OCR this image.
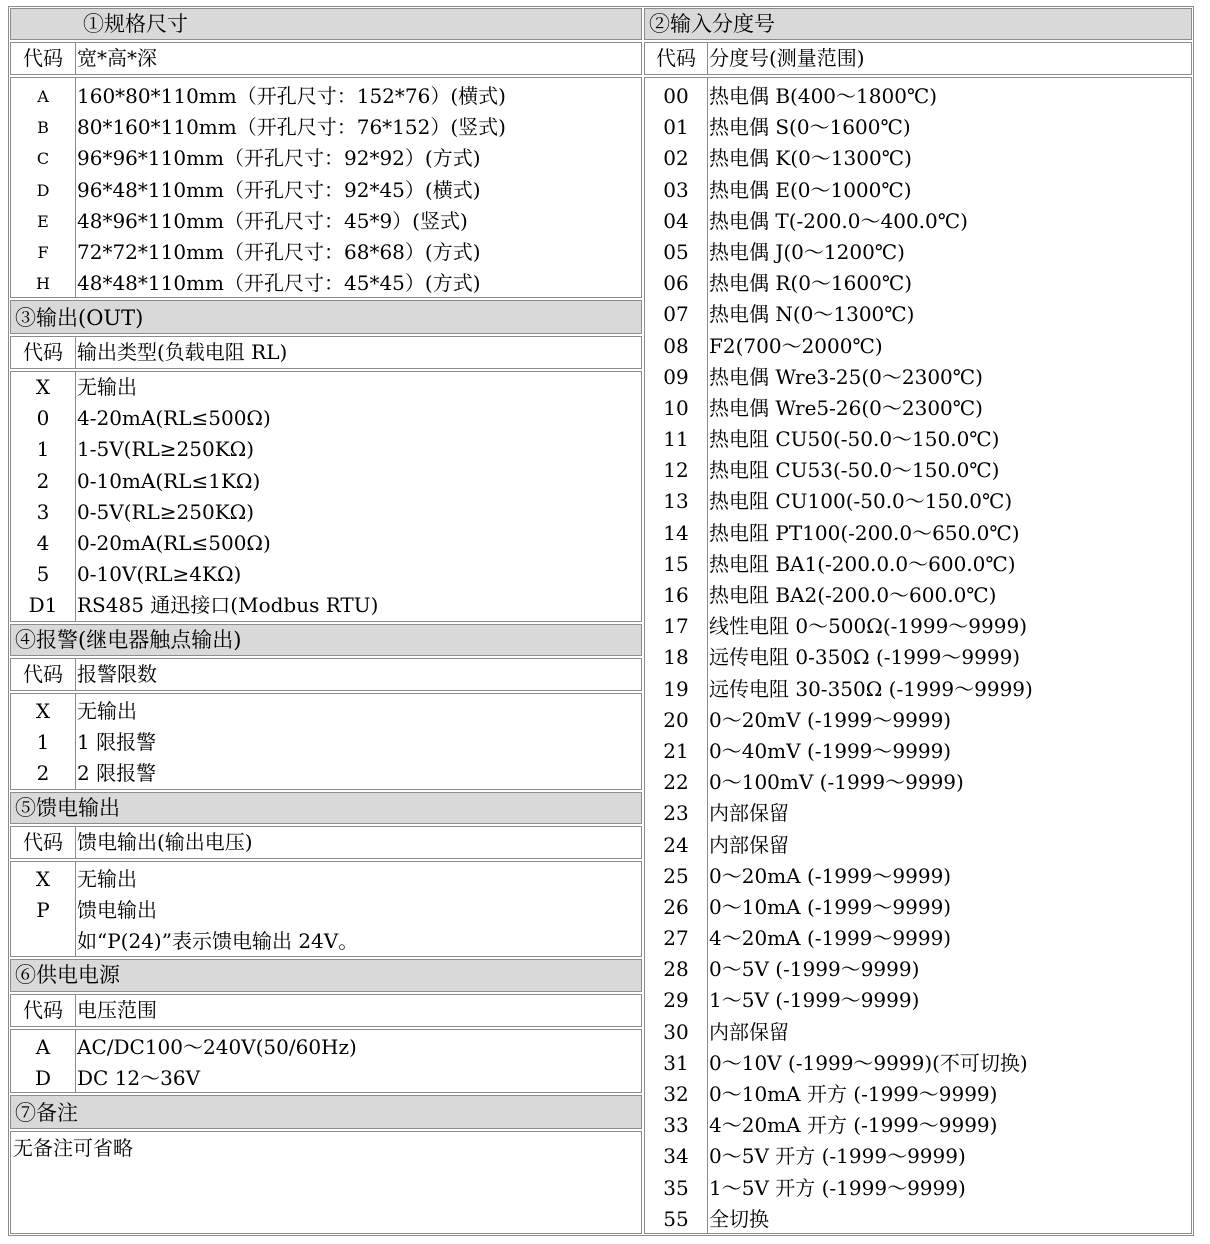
①规格尺寸
代码 宽*高*深
A
B
C
D
E
F
H
160*80*110mm（开孔尺寸：152*76）(横式)
80*160*110mm（开孔尺寸：76*152）(竖式)
96*96*110mm（开孔尺寸：92*92）(方式)
96*48*110mm（开孔尺寸：92*45）(横式)
48*96*110mm（开孔尺寸：45*9）(竖式)
72*72*110mm（开孔尺寸：68*68）(方式)
48*48*110mm（开孔尺寸：45*45）(方式)
③输出(OUT)
代码 输出类型(负载电阻 RL)
X
0
1
2
3
4
5
D1
无输出
4-20mA(RL≤500Ω)
1-5V(RL≥250KΩ)
0-10mA(RL≤1KΩ)
0-5V(RL≥250KΩ)
0-20mA(RL≤500Ω)
0-10V(RL≥4KΩ)
RS485 通迅接口(Modbus RTU)
④报警(继电器触点输出)
代码 报警限数
X
1
2
无输出
1 限报警
2 限报警
⑤馈电输出
代码 馈电输出(输出电压)
X
P
无输出
馈电输出
如“P(24)”表示馈电输出 24V。
⑥供电电源
代码 电压范围
A
D
AC/DC100～240V(50/60Hz)
DC 12～36V
⑦备注
无备注可省略
②输入分度号
代码 分度号(测量范围)
00
01
02
03
04
05
06
07
08
09
10
11
12
13
14
15
16
17
18
19
20
21
22
23
24
25
26
27
28
29
30
31
32
33
34
35
55
热电偶 B(400～1800℃)
热电偶 S(0～1600℃)
热电偶 K(0～1300℃)
热电偶 E(0～1000℃)
热电偶 T(-200.0～400.0℃)
热电偶 J(0～1200℃)
热电偶 R(0～1600℃)
热电偶 N(0～1300℃)
F2(700～2000℃)
热电偶 Wre3-25(0～2300℃)
热电偶 Wre5-26(0～2300℃)
热电阻 CU50(-50.0～150.0℃)
热电阻 CU53(-50.0～150.0℃)
热电阻 CU100(-50.0～150.0℃)
热电阻 PT100(-200.0～650.0℃)
热电阻 BA1(-200.0.0～600.0℃)
热电阻 BA2(-200.0～600.0℃)
线性电阻 0～500Ω(-1999～9999)
远传电阻 0-350Ω (-1999～9999)
远传电阻 30-350Ω (-1999～9999)
0～20mV (-1999～9999)
0～40mV (-1999～9999)
0～100mV (-1999～9999)
内部保留
内部保留
0～20mA (-1999～9999)
0～10mA (-1999～9999)
4～20mA (-1999～9999)
0～5V (-1999～9999)
1～5V (-1999～9999)
内部保留
0～10V (-1999～9999)(不可切换)
0～10mA 开方 (-1999～9999)
4～20mA 开方 (-1999～9999)
0～5V 开方 (-1999～9999)
1～5V 开方 (-1999～9999)
全切换
